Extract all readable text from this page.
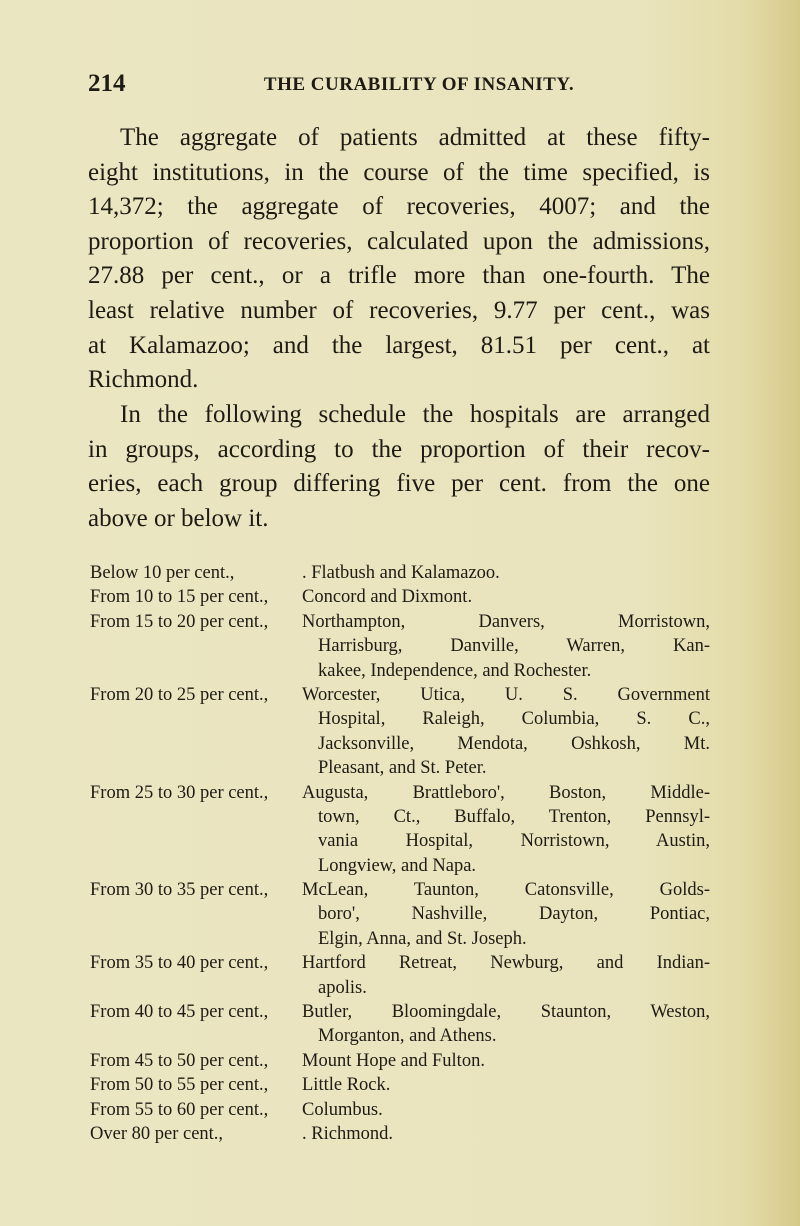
214	THE CURABILITY OF INSANITY.
The aggregate of patients admitted at these fifty-
eight institutions, in the course of the time specified, is
14,372; the aggregate of recoveries, 4007; and the
proportion of recoveries, calculated upon the admissions,
27.88 per cent., or a trifle more than one-fourth. The
least relative number of recoveries, 9.77 per cent., was
at Kalamazoo; and the largest, 81.51 per cent., at
Richmond.
In the following schedule the hospitals are arranged
in groups, according to the proportion of their recov-
eries, each group differing five per cent. from the one
above or below it.
Below 10 per cent.,	. Flatbush and Kalamazoo.
From 10 to 15 per cent.,	Concord and Dixmont.
From 15 to 20 per cent.,	Northampton, Danvers, Morristown,
Harrisburg, Danville, Warren, Kan-
kakee, Independence, and Rochester.
From 20 to 25 per cent.,	Worcester, Utica, U. S. Government
Hospital, Raleigh, Columbia, S. C.,
Jacksonville, Mendota, Oshkosh, Mt.
Pleasant, and St. Peter.
From 25 to 30 per cent.,	Augusta, Brattleboro', Boston, Middle-
town, Ct., Buffalo, Trenton, Pennsyl-
vania Hospital, Norristown, Austin,
Longview, and Napa.
From 30 to 35 per cent.,	McLean, Taunton, Catonsville, Golds-
boro', Nashville, Dayton, Pontiac,
Elgin, Anna, and St. Joseph.
From 35 to 40 per cent.,	Hartford Retreat, Newburg, and Indian-
apolis.
From 40 to 45 per cent.,	Butler, Bloomingdale, Staunton, Weston,
Morganton, and Athens.
From 45 to 50 per cent.,	Mount Hope and Fulton.
From 50 to 55 per cent.,	Little Rock.
From 55 to 60 per cent.,	Columbus.
Over 80 per cent.,	. Richmond.
